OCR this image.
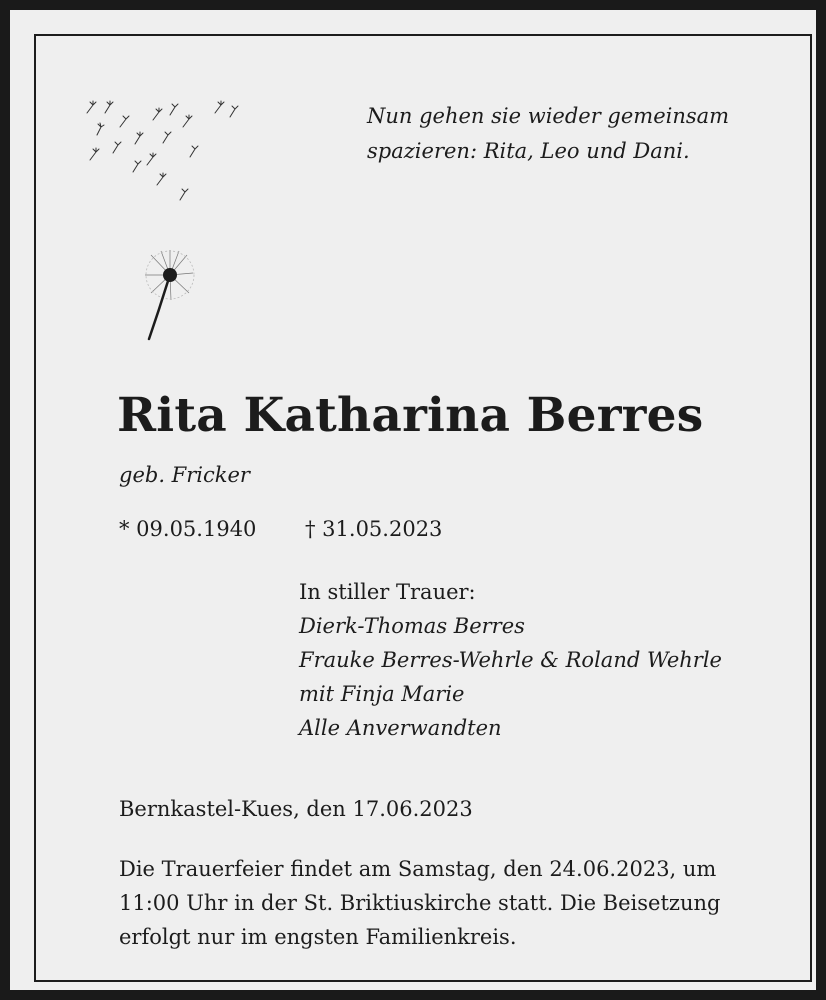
Nun gehen sie wieder gemeinsam
spazieren: Rita, Leo und Dani.
Rita Katharina Berres
geb. Fricker
* 09.05.1940 † 31.05.2023
In stiller Trauer:
Dierk-Thomas Berres
Frauke Berres-Wehrle & Roland Wehrle
mit Finja Marie
Alle Anverwandten
Bernkastel-Kues, den 17.06.2023
Die Trauerfeier findet am Samstag, den 24.06.2023, um
11:00 Uhr in der St. Briktiuskirche statt. Die Beisetzung
erfolgt nur im engsten Familienkreis.
